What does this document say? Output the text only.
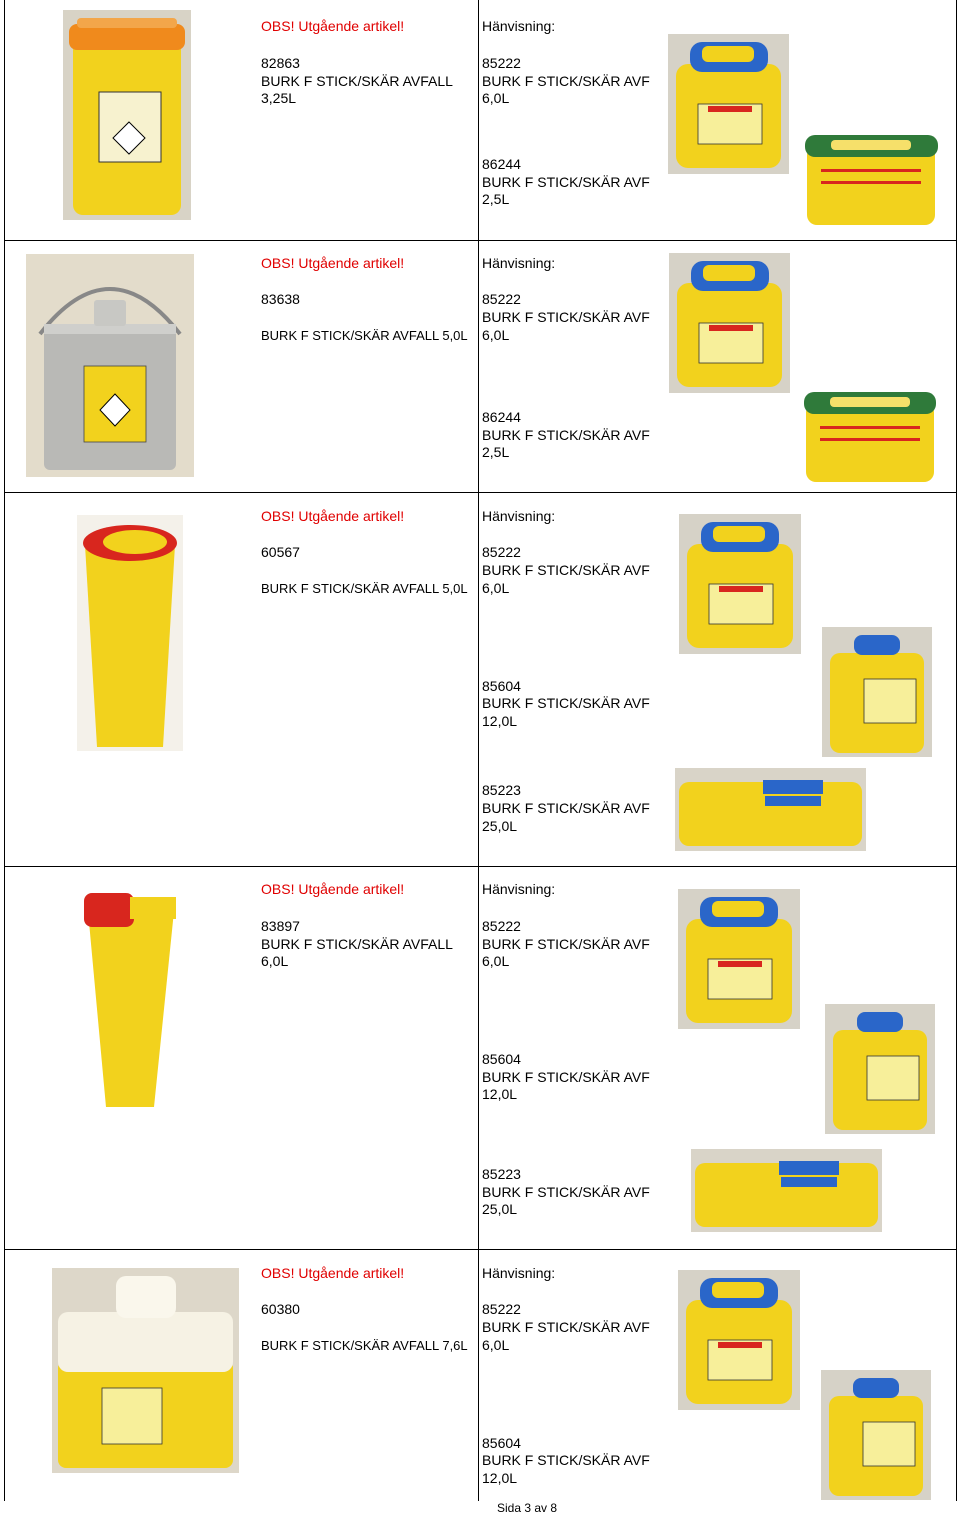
OBS! Utgående artikel!
82863
BURK F STICK/SKÄR AVFALL
3,25L
Hänvisning:
85222
BURK F STICK/SKÄR AVF
6,0L
86244
BURK F STICK/SKÄR AVF
2,5L
OBS! Utgående artikel!
83638
BURK F STICK/SKÄR AVFALL 5,0L
Hänvisning:
85222
BURK F STICK/SKÄR AVF
6,0L
86244
BURK F STICK/SKÄR AVF
2,5L
OBS! Utgående artikel!
60567
BURK F STICK/SKÄR AVFALL 5,0L
Hänvisning:
85222
BURK F STICK/SKÄR AVF
6,0L
85604
BURK F STICK/SKÄR AVF
12,0L
85223
BURK F STICK/SKÄR AVF
25,0L
OBS! Utgående artikel!
83897
BURK F STICK/SKÄR AVFALL
6,0L
Hänvisning:
85222
BURK F STICK/SKÄR AVF
6,0L
85604
BURK F STICK/SKÄR AVF
12,0L
85223
BURK F STICK/SKÄR AVF
25,0L
OBS! Utgående artikel!
60380
BURK F STICK/SKÄR AVFALL 7,6L
Hänvisning:
85222
BURK F STICK/SKÄR AVF
6,0L
85604
BURK F STICK/SKÄR AVF
12,0L
Sida 3 av 8
